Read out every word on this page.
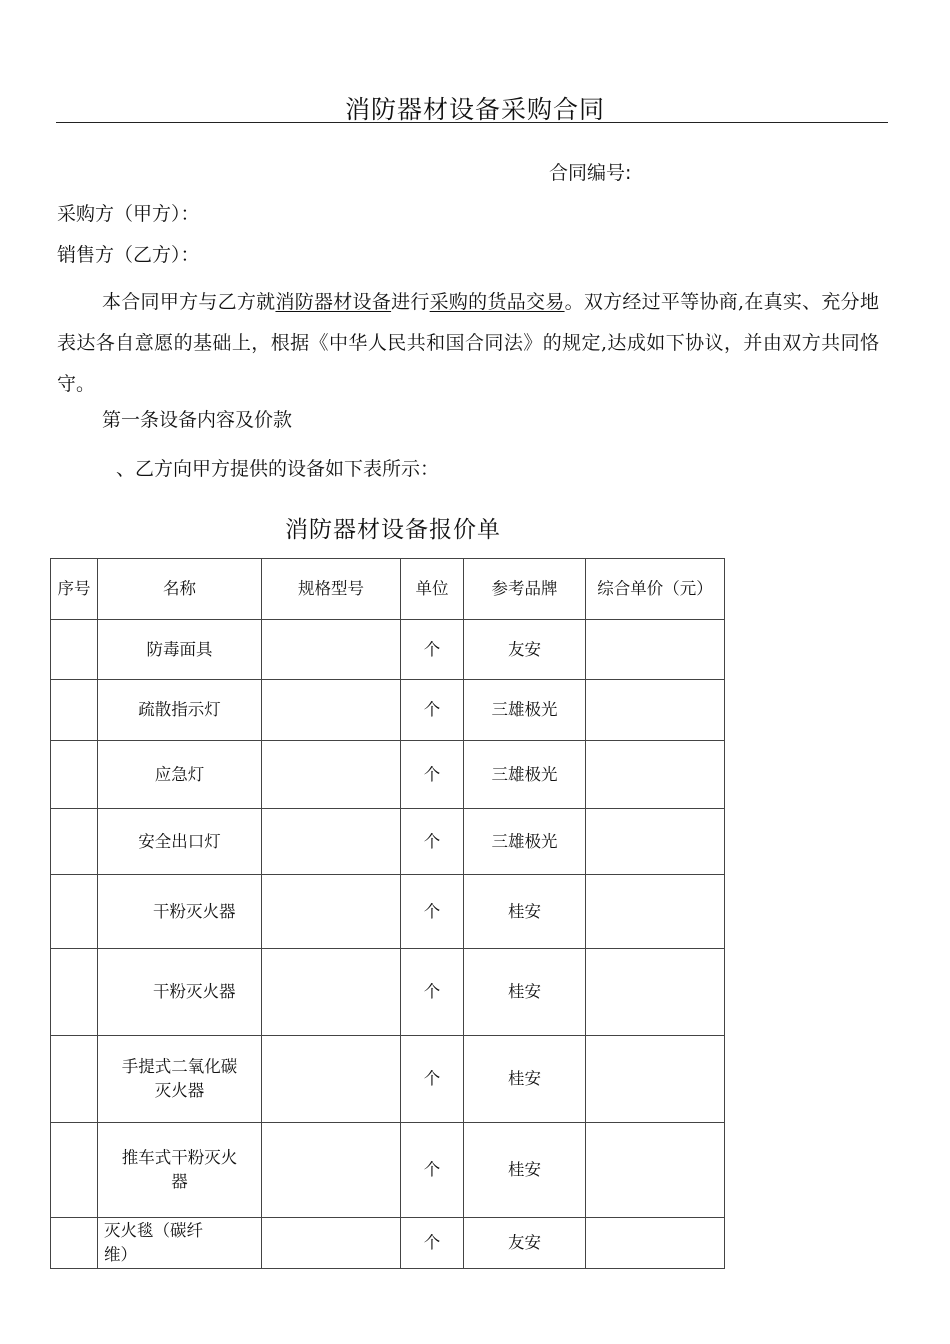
消防器材设备采购合同
合同编号:
采购方（甲方）：
销售方（乙方）：

本合同甲方与乙方就消防器材设备进行采购的货品交易。双方经过平等协商,在真实、充分地表达各自意愿的基础上，根据《中华人民共和国合同法》的规定,达成如下协议，并由双方共同恪守。

第一条设备内容及价款
、乙方向甲方提供的设备如下表所示：
消防器材设备报价单
序号	名称	规格型号	单位	参考品牌	综合单价（元）
	防毒面具		个	友安	
	疏散指示灯		个	三雄极光	
	应急灯		个	三雄极光	
	安全出口灯		个	三雄极光	
	干粉灭火器		个	桂安	
	干粉灭火器		个	桂安	
	手提式二氧化碳灭火器		个	桂安	
	推车式干粉灭火器		个	桂安	
	灭火毯（碳纤维）		个	友安	
